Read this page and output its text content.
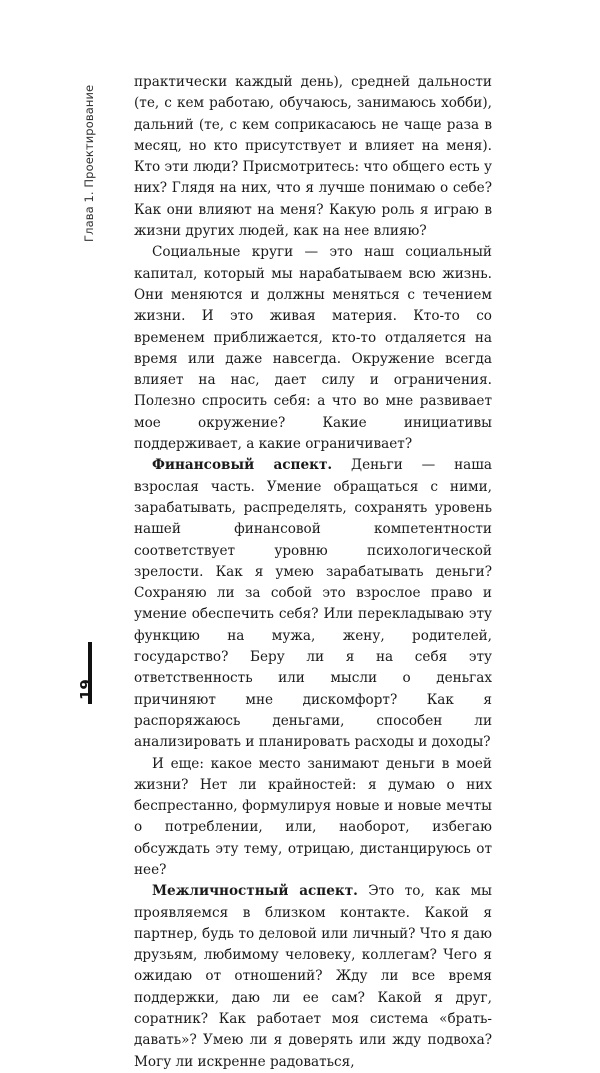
Глава 1. Проектирование
19

практически каждый день), средней дальности (те, с кем работаю, обучаюсь, занимаюсь хобби), дальний (те, с кем соприкасаюсь не чаще раза в месяц, но кто присутствует и влияет на меня). Кто эти люди? Присмотритесь: что общего есть у них? Глядя на них, что я лучше понимаю о себе? Как они влияют на меня? Какую роль я играю в жизни других людей, как на нее влияю?

Социальные круги — это наш социальный капитал, который мы нарабатываем всю жизнь. Они меняются и должны меняться с течением жизни. И это живая материя. Кто-то со временем приближается, кто-то отдаляется на время или даже навсегда. Окружение всегда влияет на нас, дает силу и ограничения. Полезно спросить себя: а что во мне развивает мое окружение? Какие инициативы поддерживает, а какие ограничивает?

Финансовый аспект. Деньги — наша взрослая часть. Умение обращаться с ними, зарабатывать, распределять, сохранять уровень нашей финансовой компетентности соответствует уровню психологической зрелости. Как я умею зарабатывать деньги? Сохраняю ли за собой это взрослое право и умение обеспечить себя? Или перекладываю эту функцию на мужа, жену, родителей, государство? Беру ли я на себя эту ответственность или мысли о деньгах причиняют мне дискомфорт? Как я распоряжаюсь деньгами, способен ли анализировать и планировать расходы и доходы?

И еще: какое место занимают деньги в моей жизни? Нет ли крайностей: я думаю о них беспрестанно, формулируя новые и новые мечты о потреблении, или, наоборот, избегаю обсуждать эту тему, отрицаю, дистанцируюсь от нее?

Межличностный аспект. Это то, как мы проявляемся в близком контакте. Какой я партнер, будь то деловой или личный? Что я даю друзьям, любимому человеку, коллегам? Чего я ожидаю от отношений? Жду ли все время поддержки, даю ли ее сам? Какой я друг, соратник? Как работает моя система «брать-давать»? Умею ли я доверять или жду подвоха? Могу ли искренне радоваться,
